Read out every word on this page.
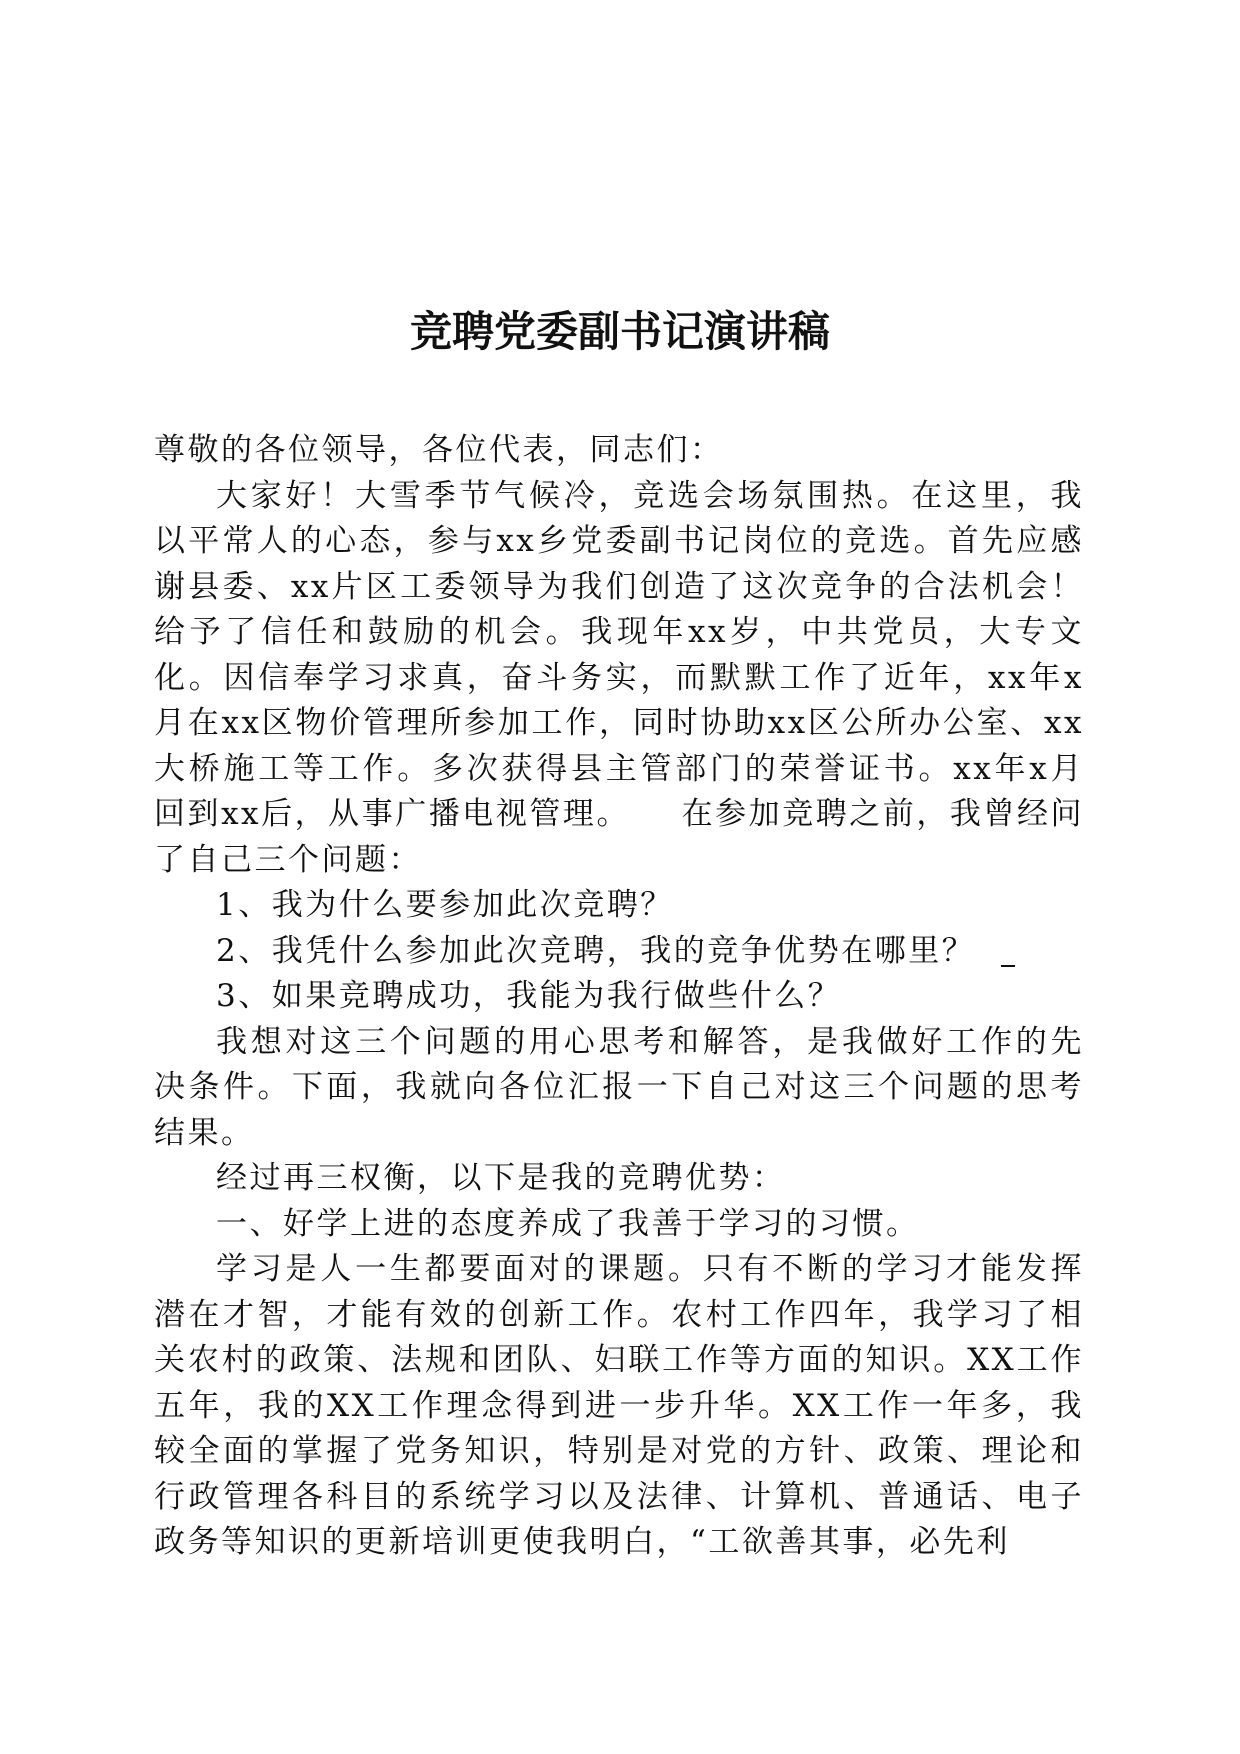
竞聘党委副书记演讲稿

尊敬的各位领导，各位代表，同志们：

大家好！大雪季节气候冷，竞选会场氛围热。在这里，我以平常人的心态，参与xx乡党委副书记岗位的竞选。首先应感谢县委、xx片区工委领导为我们创造了这次竞争的合法机会！给予了信任和鼓励的机会。我现年xx岁，中共党员，大专文化。因信奉学习求真，奋斗务实，而默默工作了近年，xx年x月在xx区物价管理所参加工作，同时协助xx区公所办公室、xx大桥施工等工作。多次获得县主管部门的荣誉证书。xx年x月回到xx后，从事广播电视管理。　　在参加竞聘之前，我曾经问了自己三个问题：

1、我为什么要参加此次竞聘？

2、我凭什么参加此次竞聘，我的竞争优势在哪里？

3、如果竞聘成功，我能为我行做些什么？

我想对这三个问题的用心思考和解答，是我做好工作的先决条件。下面，我就向各位汇报一下自己对这三个问题的思考结果。

经过再三权衡，以下是我的竞聘优势：

一、好学上进的态度养成了我善于学习的习惯。

学习是人一生都要面对的课题。只有不断的学习才能发挥潜在才智，才能有效的创新工作。农村工作四年，我学习了相关农村的政策、法规和团队、妇联工作等方面的知识。XX工作五年，我的XX工作理念得到进一步升华。XX工作一年多，我较全面的掌握了党务知识，特别是对党的方针、政策、理论和行政管理各科目的系统学习以及法律、计算机、普通话、电子政务等知识的更新培训更使我明白，“工欲善其事，必先利
